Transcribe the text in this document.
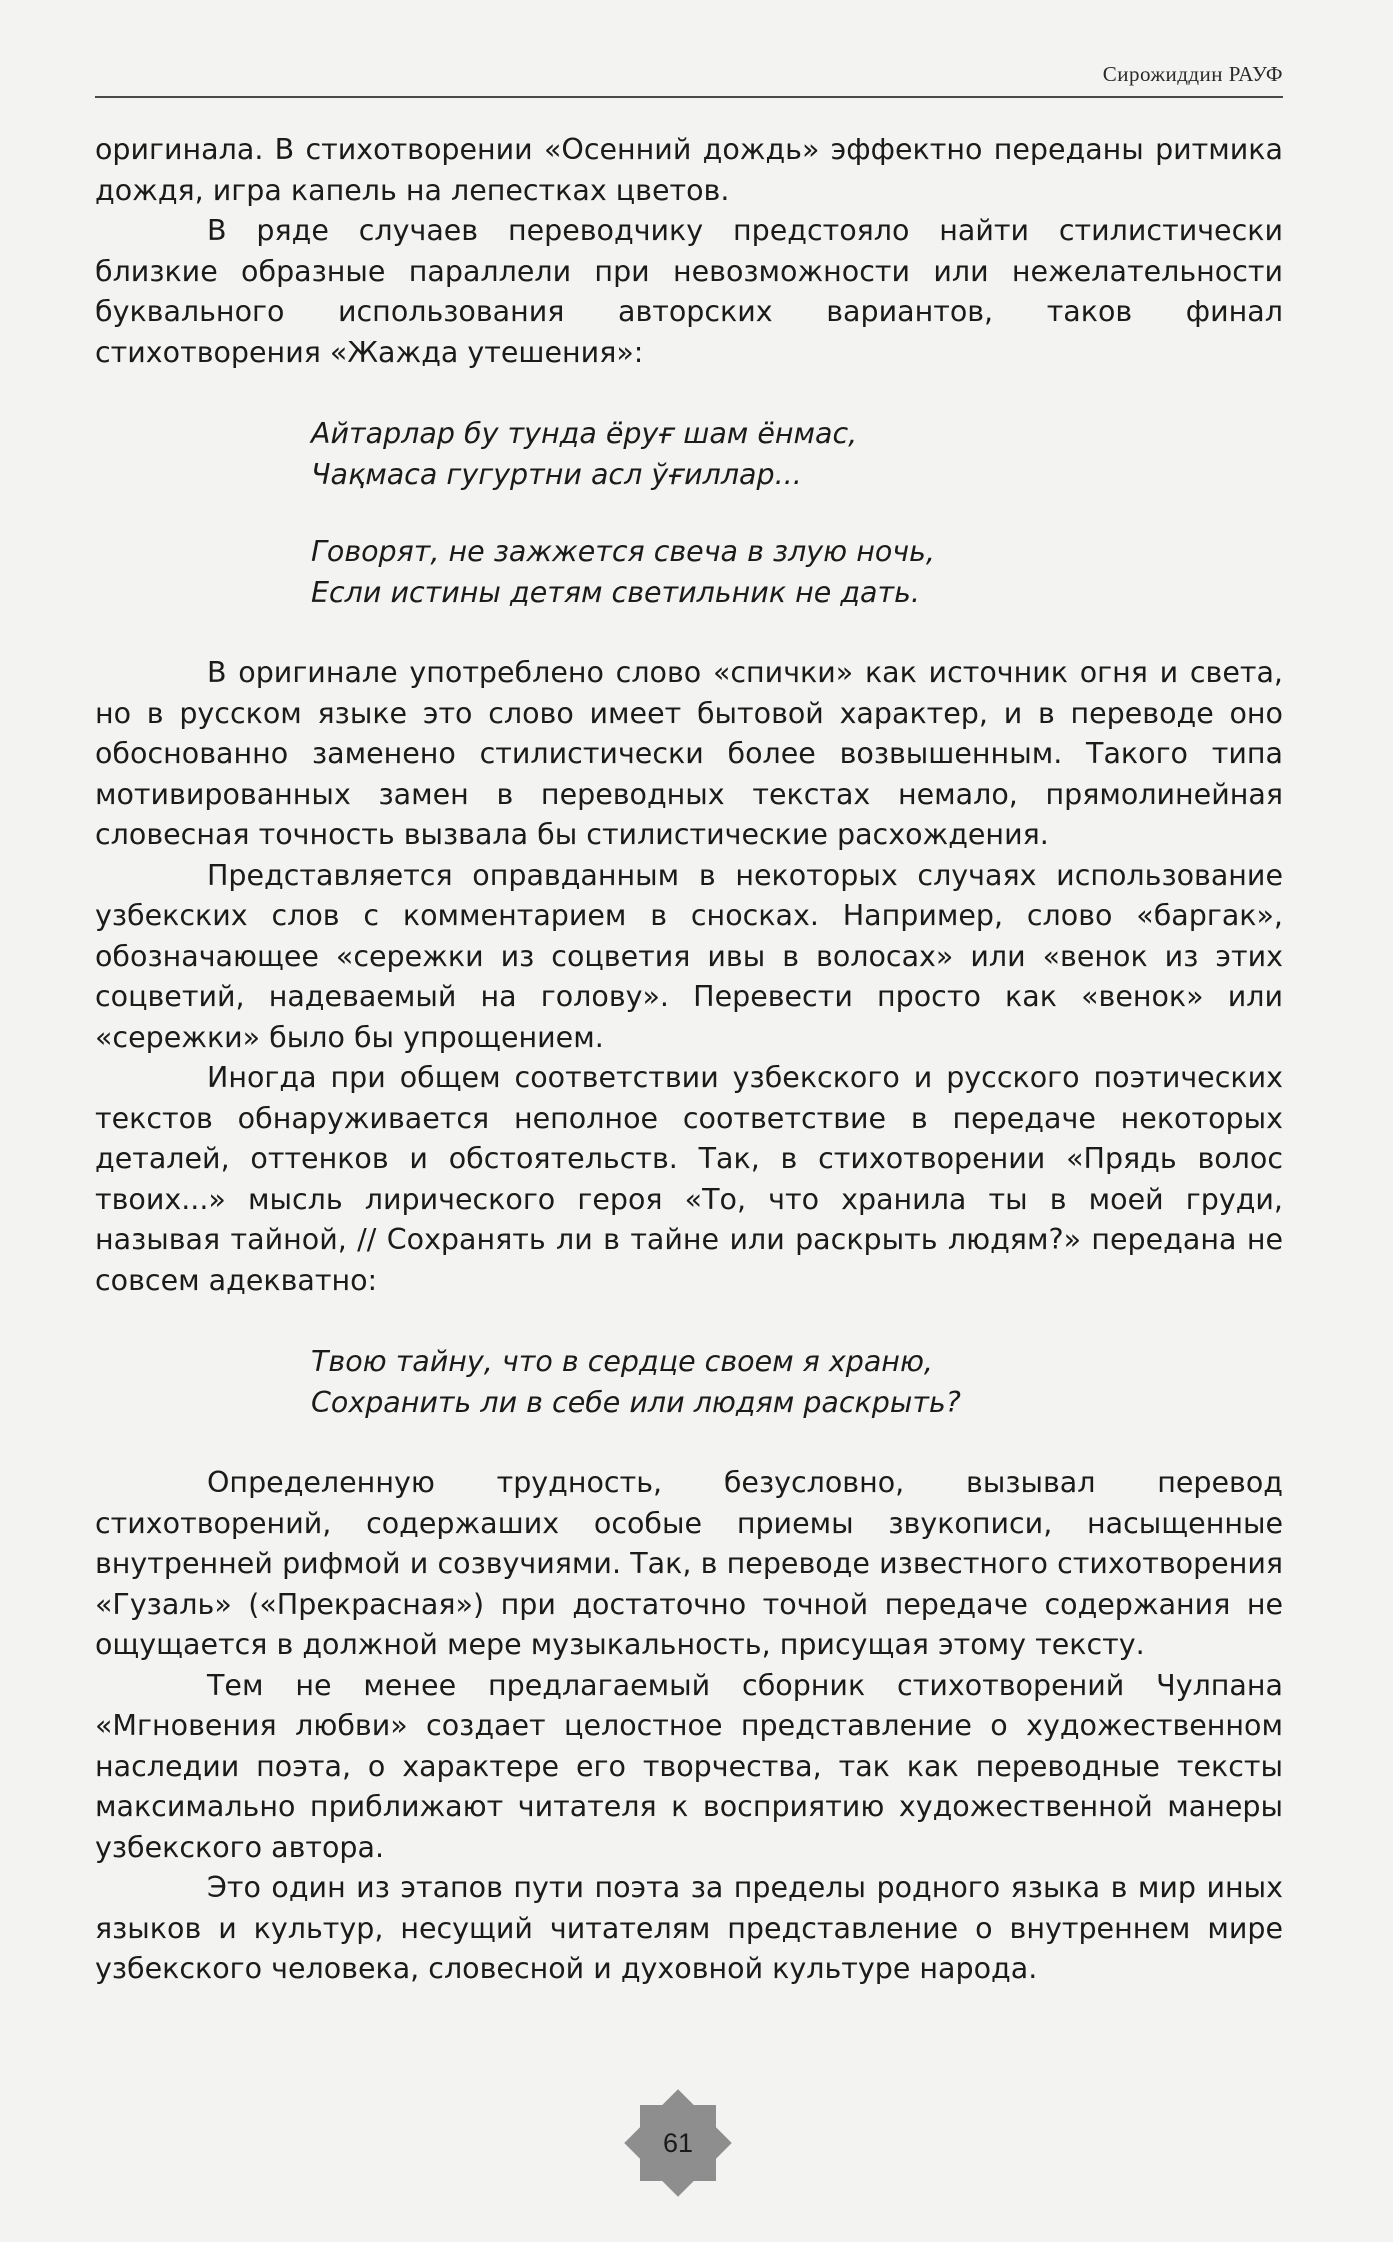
Сирожиддин РАУФ

оригинала. В стихотворении «Осенний дождь» эффектно переданы ритмика дождя, игра капель на лепестках цветов.

В ряде случаев переводчику предстояло найти стилистически близкие образные параллели при невозможности или нежелательности буквального использования авторских вариантов, таков финал стихотворения «Жажда утешения»:

Айтарлар бу тунда ёруғ шам ёнмас,
Чақмаса гугуртни асл ўғиллар...
Говорят, не зажжется свеча в злую ночь,
Если истины детям светильник не дать.

В оригинале употреблено слово «спички» как источник огня и света, но в русском языке это слово имеет бытовой характер, и в переводе оно обоснованно заменено стилистически более возвышенным. Такого типа мотивированных замен в переводных текстах немало, прямолинейная словесная точность вызвала бы стилистические расхождения.

Представляется оправданным в некоторых случаях использование узбекских слов с комментарием в сносках. Например, слово «баргак», обозначающее «сережки из соцветия ивы в волосах» или «венок из этих соцветий, надеваемый на голову». Перевести просто как «венок» или «сережки» было бы упрощением.

Иногда при общем соответствии узбекского и русского поэтических текстов обнаруживается неполное соответствие в передаче некоторых деталей, оттенков и обстоятельств. Так, в стихотворении «Прядь волос твоих...» мысль лирического героя «То, что хранила ты в моей груди, называя тайной, // Сохранять ли в тайне или раскрыть людям?» передана не совсем адекватно:

Твою тайну, что в сердце своем я храню,
Сохранить ли в себе или людям раскрыть?

Определенную трудность, безусловно, вызывал перевод стихотворений, содержаших особые приемы звукописи, насыщенные внутренней рифмой и созвучиями. Так, в переводе известного стихотворения «Гузаль» («Прекрасная») при достаточно точной передаче содержания не ощущается в должной мере музыкальность, присущая этому тексту.

Тем не менее предлагаемый сборник стихотворений Чулпана «Мгновения любви» создает целостное представление о художественном наследии поэта, о характере его творчества, так как переводные тексты максимально приближают читателя к восприятию художественной манеры узбекского автора.

Это один из этапов пути поэта за пределы родного языка в мир иных языков и культур, несущий читателям представление о внутреннем мире узбекского человека, словесной и духовной культуре народа.

61
